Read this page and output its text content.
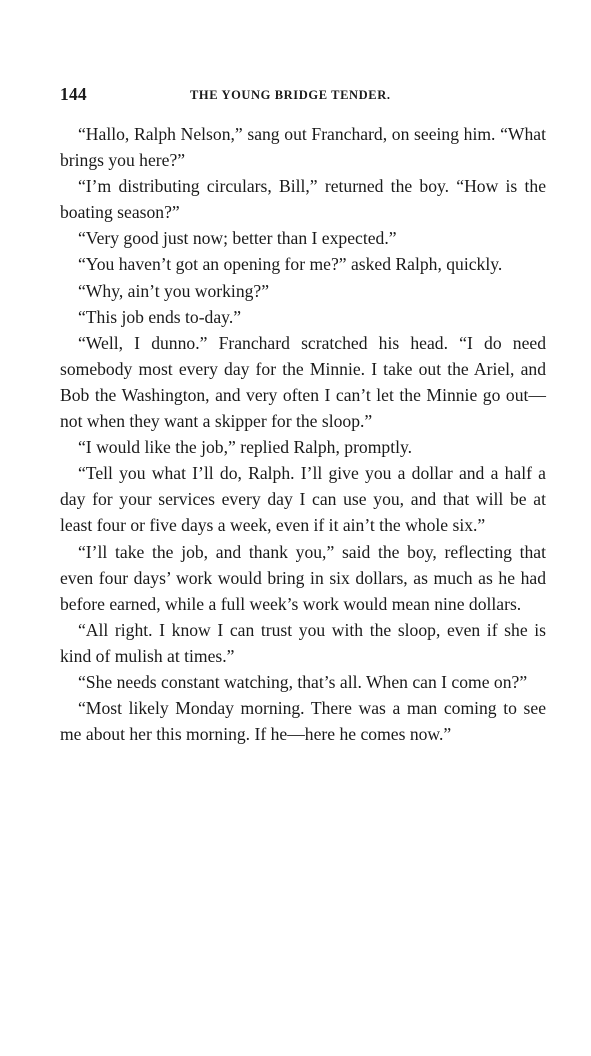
144	THE YOUNG BRIDGE TENDER.

“Hallo, Ralph Nelson,” sang out Franchard, on seeing him. “What brings you here?”

“I’m distributing circulars, Bill,” returned the boy. “How is the boating season?”

“Very good just now; better than I expected.”

“You haven’t got an opening for me?” asked Ralph, quickly.

“Why, ain’t you working?”

“This job ends to-day.”

“Well, I dunno.” Franchard scratched his head. “I do need somebody most every day for the Minnie. I take out the Ariel, and Bob the Washington, and very often I can’t let the Minnie go out—not when they want a skipper for the sloop.”

“I would like the job,” replied Ralph, promptly.

“Tell you what I’ll do, Ralph. I’ll give you a dollar and a half a day for your services every day I can use you, and that will be at least four or five days a week, even if it ain’t the whole six.”

“I’ll take the job, and thank you,” said the boy, reflecting that even four days’ work would bring in six dollars, as much as he had before earned, while a full week’s work would mean nine dollars.

“All right. I know I can trust you with the sloop, even if she is kind of mulish at times.”

“She needs constant watching, that’s all. When can I come on?”

“Most likely Monday morning. There was a man coming to see me about her this morning. If he—here he comes now.”
